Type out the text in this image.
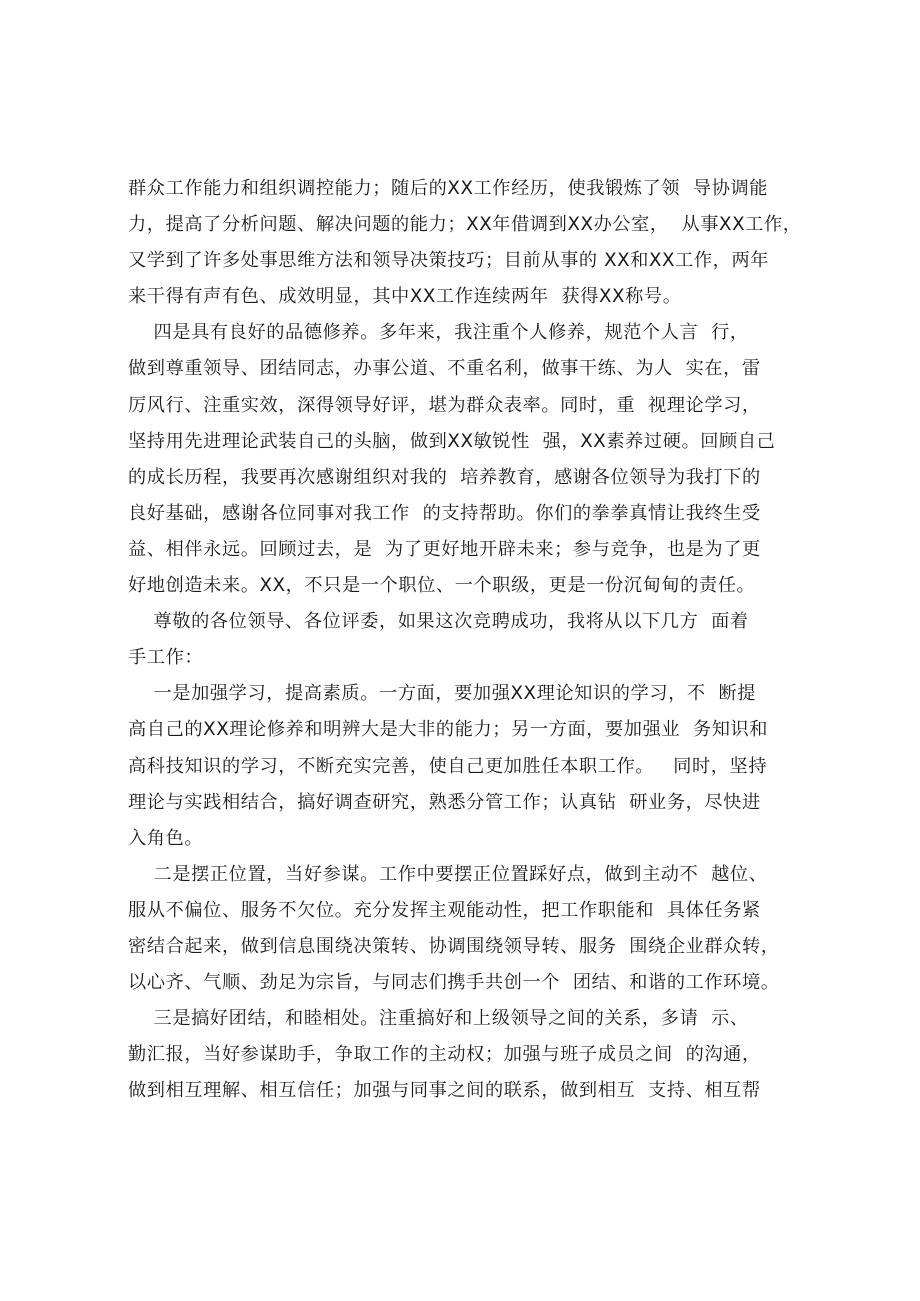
群众工作能力和组织调控能力；随后的XX工作经历，使我锻炼了领  导协调能
力，提高了分析问题、解决问题的能力；XX年借调到XX办公室，  从事XX工作，
又学到了许多处事思维方法和领导决策技巧；目前从事的 XX和XX工作，两年
来干得有声有色、成效明显，其中XX工作连续两年  获得XX称号。
四是具有良好的品德修养。多年来，我注重个人修养，规范个人言  行，
做到尊重领导、团结同志，办事公道、不重名利，做事干练、为人  实在，雷
厉风行、注重实效，深得领导好评，堪为群众表率。同时，重  视理论学习，
坚持用先进理论武装自己的头脑，做到XX敏锐性  强，XX素养过硬。回顾自己
的成长历程，我要再次感谢组织对我的  培养教育，感谢各位领导为我打下的
良好基础，感谢各位同事对我工作  的支持帮助。你们的拳拳真情让我终生受
益、相伴永远。回顾过去，是  为了更好地开辟未来；参与竞争，也是为了更
好地创造未来。XX，不只是一个职位、一个职级，更是一份沉甸甸的责任。
尊敬的各位领导、各位评委，如果这次竞聘成功，我将从以下几方  面着
手工作：
一是加强学习，提高素质。一方面，要加强XX理论知识的学习，不  断提
高自己的XX理论修养和明辨大是大非的能力；另一方面，要加强业  务知识和
高科技知识的学习，不断充实完善，使自己更加胜任本职工作。   同时，坚持
理论与实践相结合，搞好调查研究，熟悉分管工作；认真钻  研业务，尽快进
入角色。
二是摆正位置，当好参谋。工作中要摆正位置踩好点，做到主动不  越位、
服从不偏位、服务不欠位。充分发挥主观能动性，把工作职能和  具体任务紧
密结合起来，做到信息围绕决策转、协调围绕领导转、服务  围绕企业群众转，
以心齐、气顺、劲足为宗旨，与同志们携手共创一个  团结、和谐的工作环境。
三是搞好团结，和睦相处。注重搞好和上级领导之间的关系，多请  示、
勤汇报，当好参谋助手，争取工作的主动权；加强与班子成员之间  的沟通，
做到相互理解、相互信任；加强与同事之间的联系，做到相互  支持、相互帮
